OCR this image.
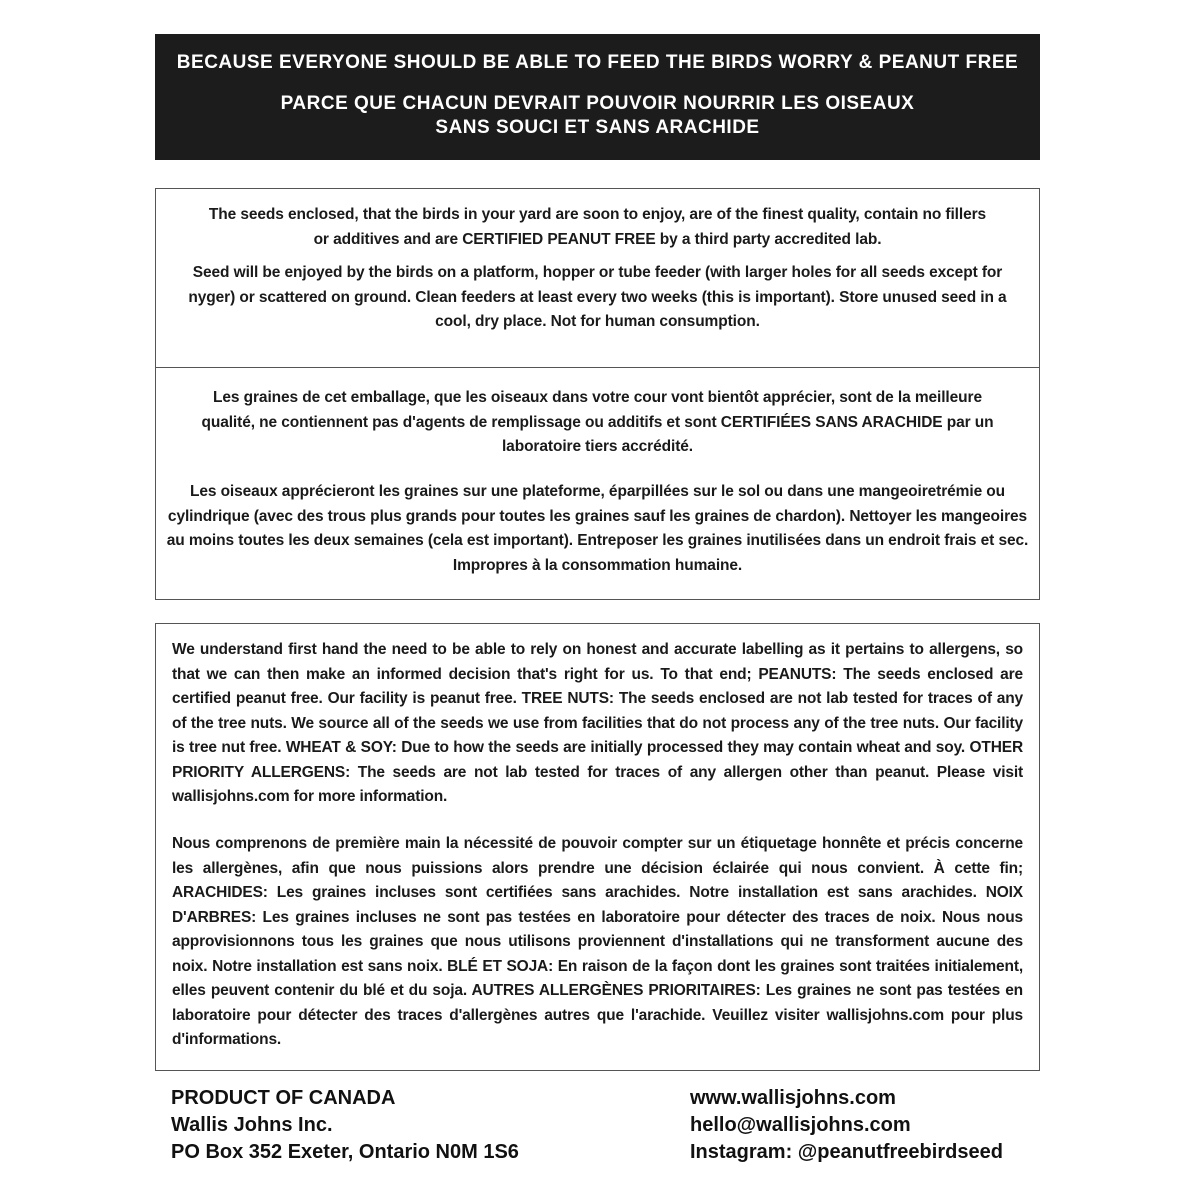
BECAUSE EVERYONE SHOULD BE ABLE TO FEED THE BIRDS WORRY & PEANUT FREE
PARCE QUE CHACUN DEVRAIT POUVOIR NOURRIR LES OISEAUX
SANS SOUCI ET SANS ARACHIDE
The seeds enclosed, that the birds in your yard are soon to enjoy, are of the finest quality, contain no fillers or additives and are CERTIFIED PEANUT FREE by a third party accredited lab.
Seed will be enjoyed by the birds on a platform, hopper or tube feeder (with larger holes for all seeds except for nyger) or scattered on ground. Clean feeders at least every two weeks (this is important). Store unused seed in a cool, dry place. Not for human consumption.
Les graines de cet emballage, que les oiseaux dans votre cour vont bientôt apprécier, sont de la meilleure qualité, ne contiennent pas d'agents de remplissage ou additifs et sont CERTIFIÉES SANS ARACHIDE par un laboratoire tiers accrédité.
Les oiseaux apprécieront les graines sur une plateforme, éparpillées sur le sol ou dans une mangeoiretrémie ou cylindrique (avec des trous plus grands pour toutes les graines sauf les graines de chardon). Nettoyer les mangeoires au moins toutes les deux semaines (cela est important). Entreposer les graines inutilisées dans un endroit frais et sec. Impropres à la consommation humaine.
We understand first hand the need to be able to rely on honest and accurate labelling as it pertains to allergens, so that we can then make an informed decision that's right for us. To that end; PEANUTS: The seeds enclosed are certified peanut free. Our facility is peanut free. TREE NUTS: The seeds enclosed are not lab tested for traces of any of the tree nuts. We source all of the seeds we use from facilities that do not process any of the tree nuts. Our facility is tree nut free. WHEAT & SOY: Due to how the seeds are initially processed they may contain wheat and soy. OTHER PRIORITY ALLERGENS: The seeds are not lab tested for traces of any allergen other than peanut. Please visit wallisjohns.com for more information.
Nous comprenons de première main la nécessité de pouvoir compter sur un étiquetage honnête et précis concerne les allergènes, afin que nous puissions alors prendre une décision éclairée qui nous convient. À cette fin; ARACHIDES: Les graines incluses sont certifiées sans arachides. Notre installation est sans arachides. NOIX D'ARBRES: Les graines incluses ne sont pas testées en laboratoire pour détecter des traces de noix. Nous nous approvisionnons tous les graines que nous utilisons proviennent d'installations qui ne transforment aucune des noix. Notre installation est sans noix. BLÉ ET SOJA: En raison de la façon dont les graines sont traitées initialement, elles peuvent contenir du blé et du soja. AUTRES ALLERGÈNES PRIORITAIRES: Les graines ne sont pas testées en laboratoire pour détecter des traces d'allergènes autres que l'arachide. Veuillez visiter wallisjohns.com pour plus d'informations.
PRODUCT OF CANADA
Wallis Johns Inc.
PO Box 352 Exeter, Ontario N0M 1S6
www.wallisjohns.com
hello@wallisjohns.com
Instagram: @peanutfreebirdseed
